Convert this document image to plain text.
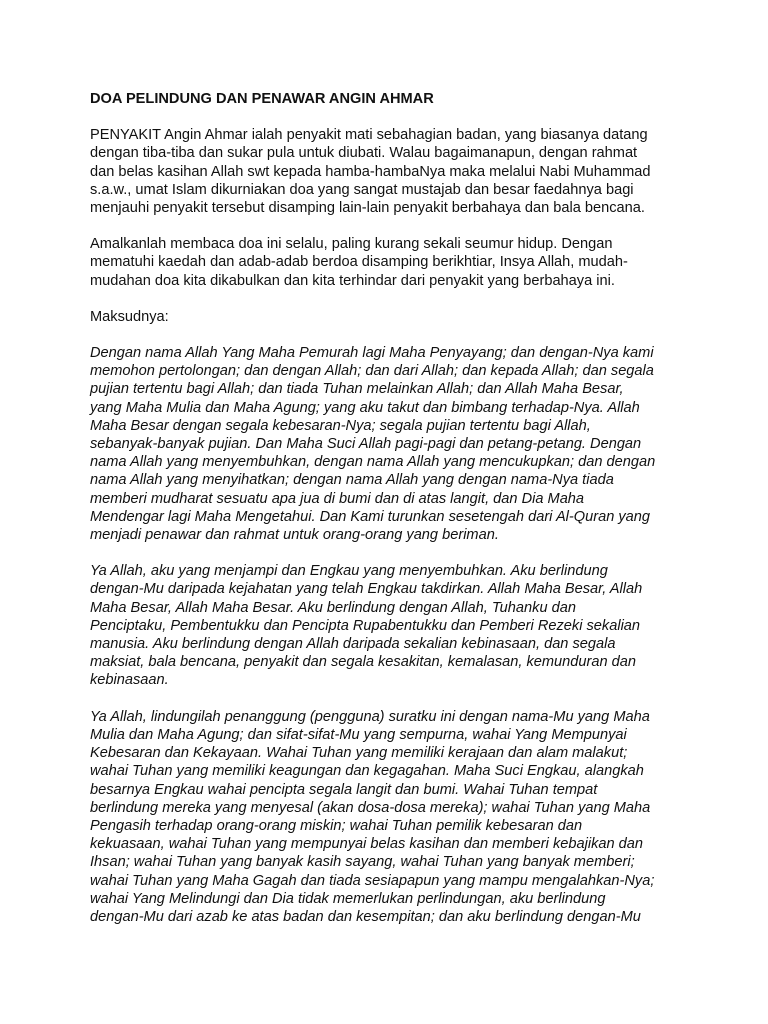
DOA PELINDUNG DAN PENAWAR ANGIN AHMAR
PENYAKIT Angin Ahmar ialah penyakit mati sebahagian badan, yang biasanya datang
dengan tiba-tiba dan sukar pula untuk diubati. Walau bagaimanapun, dengan rahmat
dan belas kasihan Allah swt kepada hamba-hambaNya maka melalui Nabi Muhammad
s.a.w., umat Islam dikurniakan doa yang sangat mustajab dan besar faedahnya bagi
menjauhi penyakit tersebut disamping lain-lain penyakit berbahaya dan bala bencana.
Amalkanlah membaca doa ini selalu, paling kurang sekali seumur hidup. Dengan
mematuhi kaedah dan adab-adab berdoa disamping berikhtiar, Insya Allah, mudah-
mudahan doa kita dikabulkan dan kita terhindar dari penyakit yang berbahaya ini.
Maksudnya:
Dengan nama Allah Yang Maha Pemurah lagi Maha Penyayang; dan dengan-Nya kami
memohon pertolongan; dan dengan Allah; dan dari Allah; dan kepada Allah; dan segala
pujian tertentu bagi Allah; dan tiada Tuhan melainkan Allah; dan Allah Maha Besar,
yang Maha Mulia dan Maha Agung; yang aku takut dan bimbang terhadap-Nya. Allah
Maha Besar dengan segala kebesaran-Nya; segala pujian tertentu bagi Allah,
sebanyak-banyak pujian. Dan Maha Suci Allah pagi-pagi dan petang-petang. Dengan
nama Allah yang menyembuhkan, dengan nama Allah yang mencukupkan; dan dengan
nama Allah yang menyihatkan; dengan nama Allah yang dengan nama-Nya tiada
memberi mudharat sesuatu apa jua di bumi dan di atas langit, dan Dia Maha
Mendengar lagi Maha Mengetahui. Dan Kami turunkan sesetengah dari Al-Quran yang
menjadi penawar dan rahmat untuk orang-orang yang beriman.
Ya Allah, aku yang menjampi dan Engkau yang menyembuhkan. Aku berlindung
dengan-Mu daripada kejahatan yang telah Engkau takdirkan. Allah Maha Besar, Allah
Maha Besar, Allah Maha Besar. Aku berlindung dengan Allah, Tuhanku dan
Penciptaku, Pembentukku dan Pencipta Rupabentukku dan Pemberi Rezeki sekalian
manusia. Aku berlindung dengan Allah daripada sekalian kebinasaan, dan segala
maksiat, bala bencana, penyakit dan segala kesakitan, kemalasan, kemunduran dan
kebinasaan.
Ya Allah, lindungilah penanggung (pengguna) suratku ini dengan nama-Mu yang Maha
Mulia dan Maha Agung; dan sifat-sifat-Mu yang sempurna, wahai Yang Mempunyai
Kebesaran dan Kekayaan. Wahai Tuhan yang memiliki kerajaan dan alam malakut;
wahai Tuhan yang memiliki keagungan dan kegagahan. Maha Suci Engkau, alangkah
besarnya Engkau wahai pencipta segala langit dan bumi. Wahai Tuhan tempat
berlindung mereka yang menyesal (akan dosa-dosa mereka); wahai Tuhan yang Maha
Pengasih terhadap orang-orang miskin; wahai Tuhan pemilik kebesaran dan
kekuasaan, wahai Tuhan yang mempunyai belas kasihan dan memberi kebajikan dan
Ihsan; wahai Tuhan yang banyak kasih sayang, wahai Tuhan yang banyak memberi;
wahai Tuhan yang Maha Gagah dan tiada sesiapapun yang mampu mengalahkan-Nya;
wahai Yang Melindungi dan Dia tidak memerlukan perlindungan, aku berlindung
dengan-Mu dari azab ke atas badan dan kesempitan; dan aku berlindung dengan-Mu
